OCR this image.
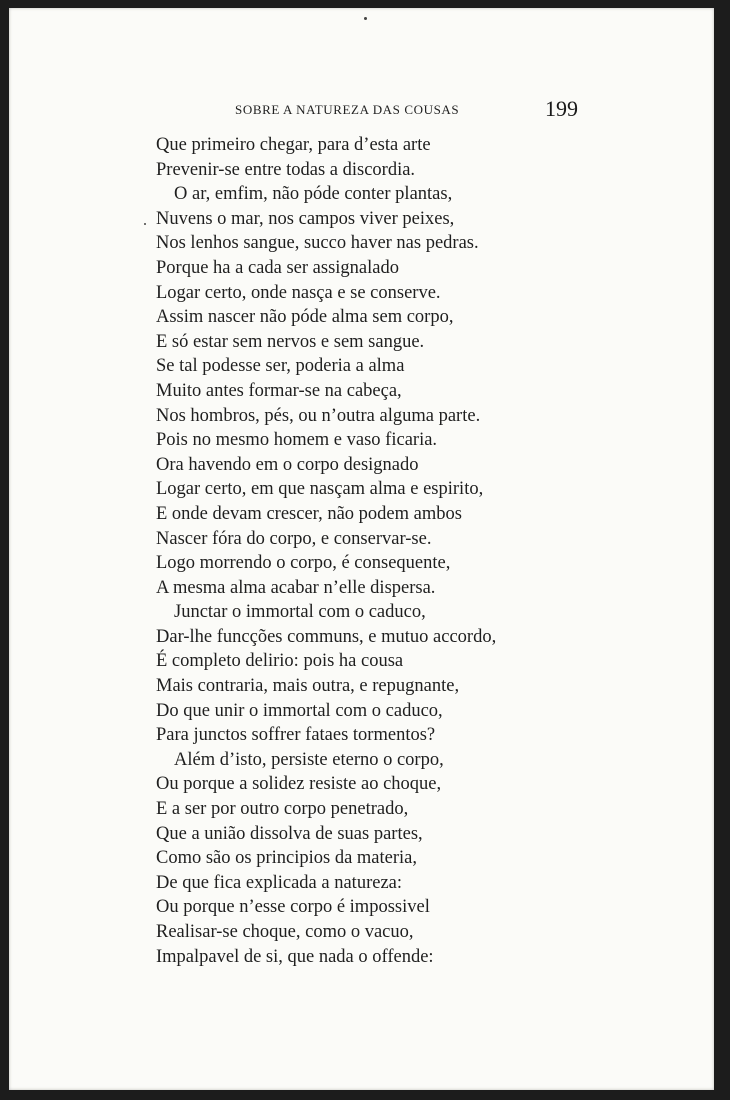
SOBRE A NATUREZA DAS COUSAS	199
Que primeiro chegar, para d’esta arte
Prevenir-se entre todas a discordia.
O ar, emfim, não póde conter plantas,
Nuvens o mar, nos campos viver peixes,
Nos lenhos sangue, succo haver nas pedras.
Porque ha a cada ser assignalado
Logar certo, onde nasça e se conserve.
Assim nascer não póde alma sem corpo,
E só estar sem nervos e sem sangue.
Se tal podesse ser, poderia a alma
Muito antes formar-se na cabeça,
Nos hombros, pés, ou n’outra alguma parte.
Pois no mesmo homem e vaso ficaria.
Ora havendo em o corpo designado
Logar certo, em que nasçam alma e espirito,
E onde devam crescer, não podem ambos
Nascer fóra do corpo, e conservar-se.
Logo morrendo o corpo, é consequente,
A mesma alma acabar n’elle dispersa.
Junctar o immortal com o caduco,
Dar-lhe funcções communs, e mutuo accordo,
É completo delirio: pois ha cousa
Mais contraria, mais outra, e repugnante,
Do que unir o immortal com o caduco,
Para junctos soffrer fataes tormentos?
Além d’isto, persiste eterno o corpo,
Ou porque a solidez resiste ao choque,
E a ser por outro corpo penetrado,
Que a união dissolva de suas partes,
Como são os principios da materia,
De que fica explicada a natureza:
Ou porque n’esse corpo é impossivel
Realisar-se choque, como o vacuo,
Impalpavel de si, que nada o offende:
